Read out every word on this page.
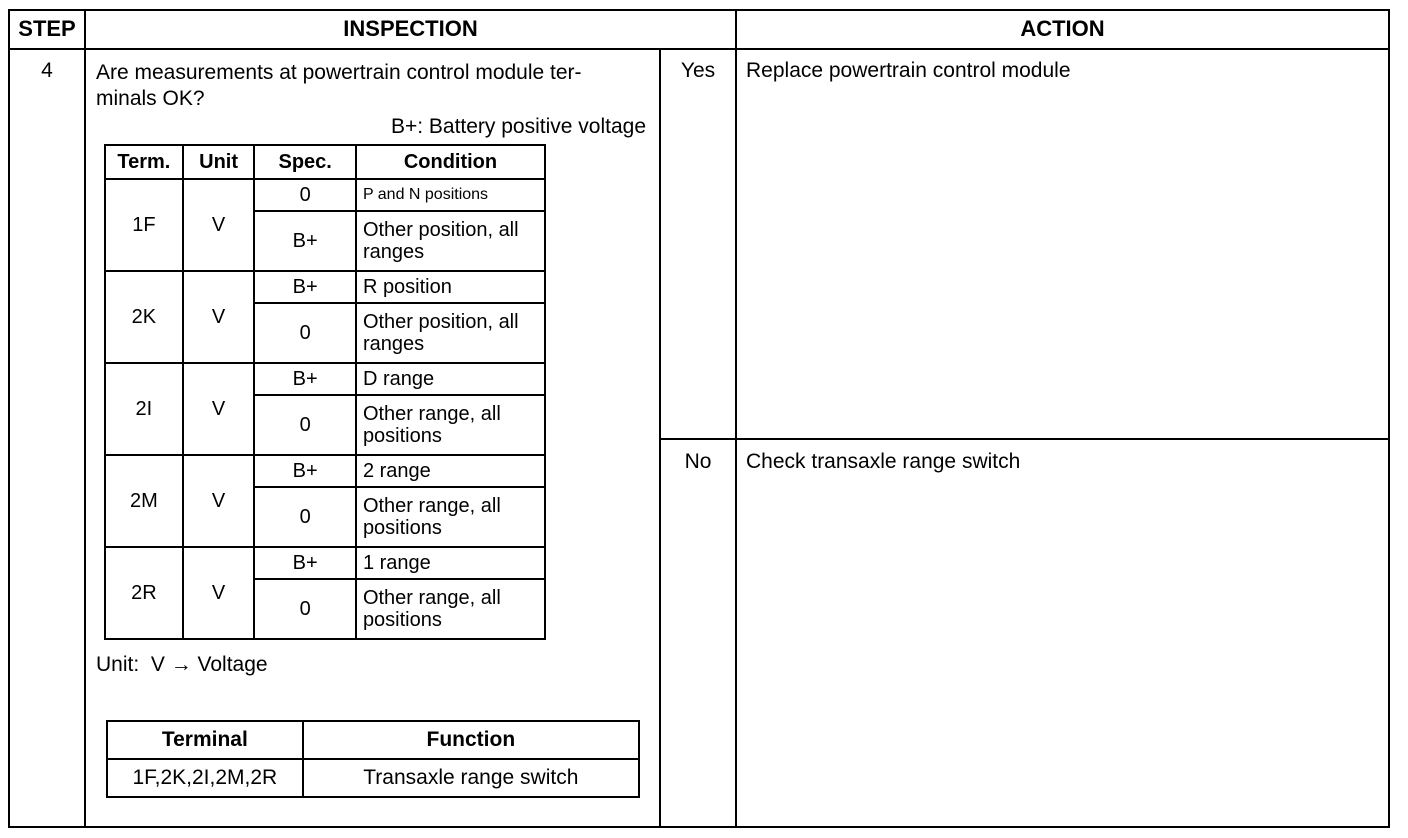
STEP	INSPECTION	ACTION
4	Are measurements at powertrain control module ter-
minals OK?
B+: Battery positive voltage
Term.	Unit	Spec.	Condition
1F	V	0	P and N positions
		B+	Other position, all ranges
2K	V	B+	R position
		0	Other position, all ranges
2I	V	B+	D range
		0	Other range, all positions
2M	V	B+	2 range
		0	Other range, all positions
2R	V	B+	1 range
		0	Other range, all positions
Unit:  V → Voltage
Terminal	Function
1F,2K,2I,2M,2R	Transaxle range switch
Yes	Replace powertrain control module
No	Check transaxle range switch
